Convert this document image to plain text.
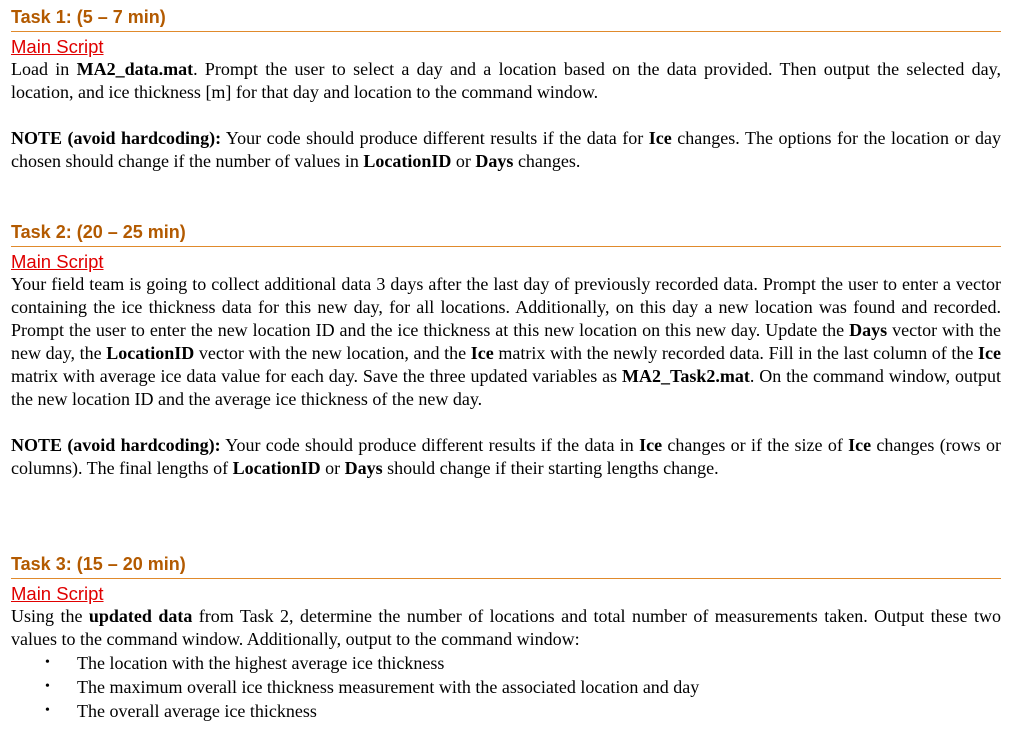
Task 1: (5 – 7 min)
Main Script

Load in MA2_data.mat. Prompt the user to select a day and a location based on the data provided. Then output the selected day, location, and ice thickness [m] for that day and location to the command window.

NOTE (avoid hardcoding): Your code should produce different results if the data for Ice changes. The options for the location or day chosen should change if the number of values in LocationID or Days changes.

Task 2: (20 – 25 min)
Main Script

Your field team is going to collect additional data 3 days after the last day of previously recorded data. Prompt the user to enter a vector containing the ice thickness data for this new day, for all locations. Additionally, on this day a new location was found and recorded. Prompt the user to enter the new location ID and the ice thickness at this new location on this new day. Update the Days vector with the new day, the LocationID vector with the new location, and the Ice matrix with the newly recorded data. Fill in the last column of the Ice matrix with average ice data value for each day. Save the three updated variables as MA2_Task2.mat. On the command window, output the new location ID and the average ice thickness of the new day.

NOTE (avoid hardcoding): Your code should produce different results if the data in Ice changes or if the size of Ice changes (rows or columns). The final lengths of LocationID or Days should change if their starting lengths change.

Task 3: (15 – 20 min)
Main Script

Using the updated data from Task 2, determine the number of locations and total number of measurements taken. Output these two values to the command window. Additionally, output to the command window:

• The location with the highest average ice thickness
• The maximum overall ice thickness measurement with the associated location and day
• The overall average ice thickness
